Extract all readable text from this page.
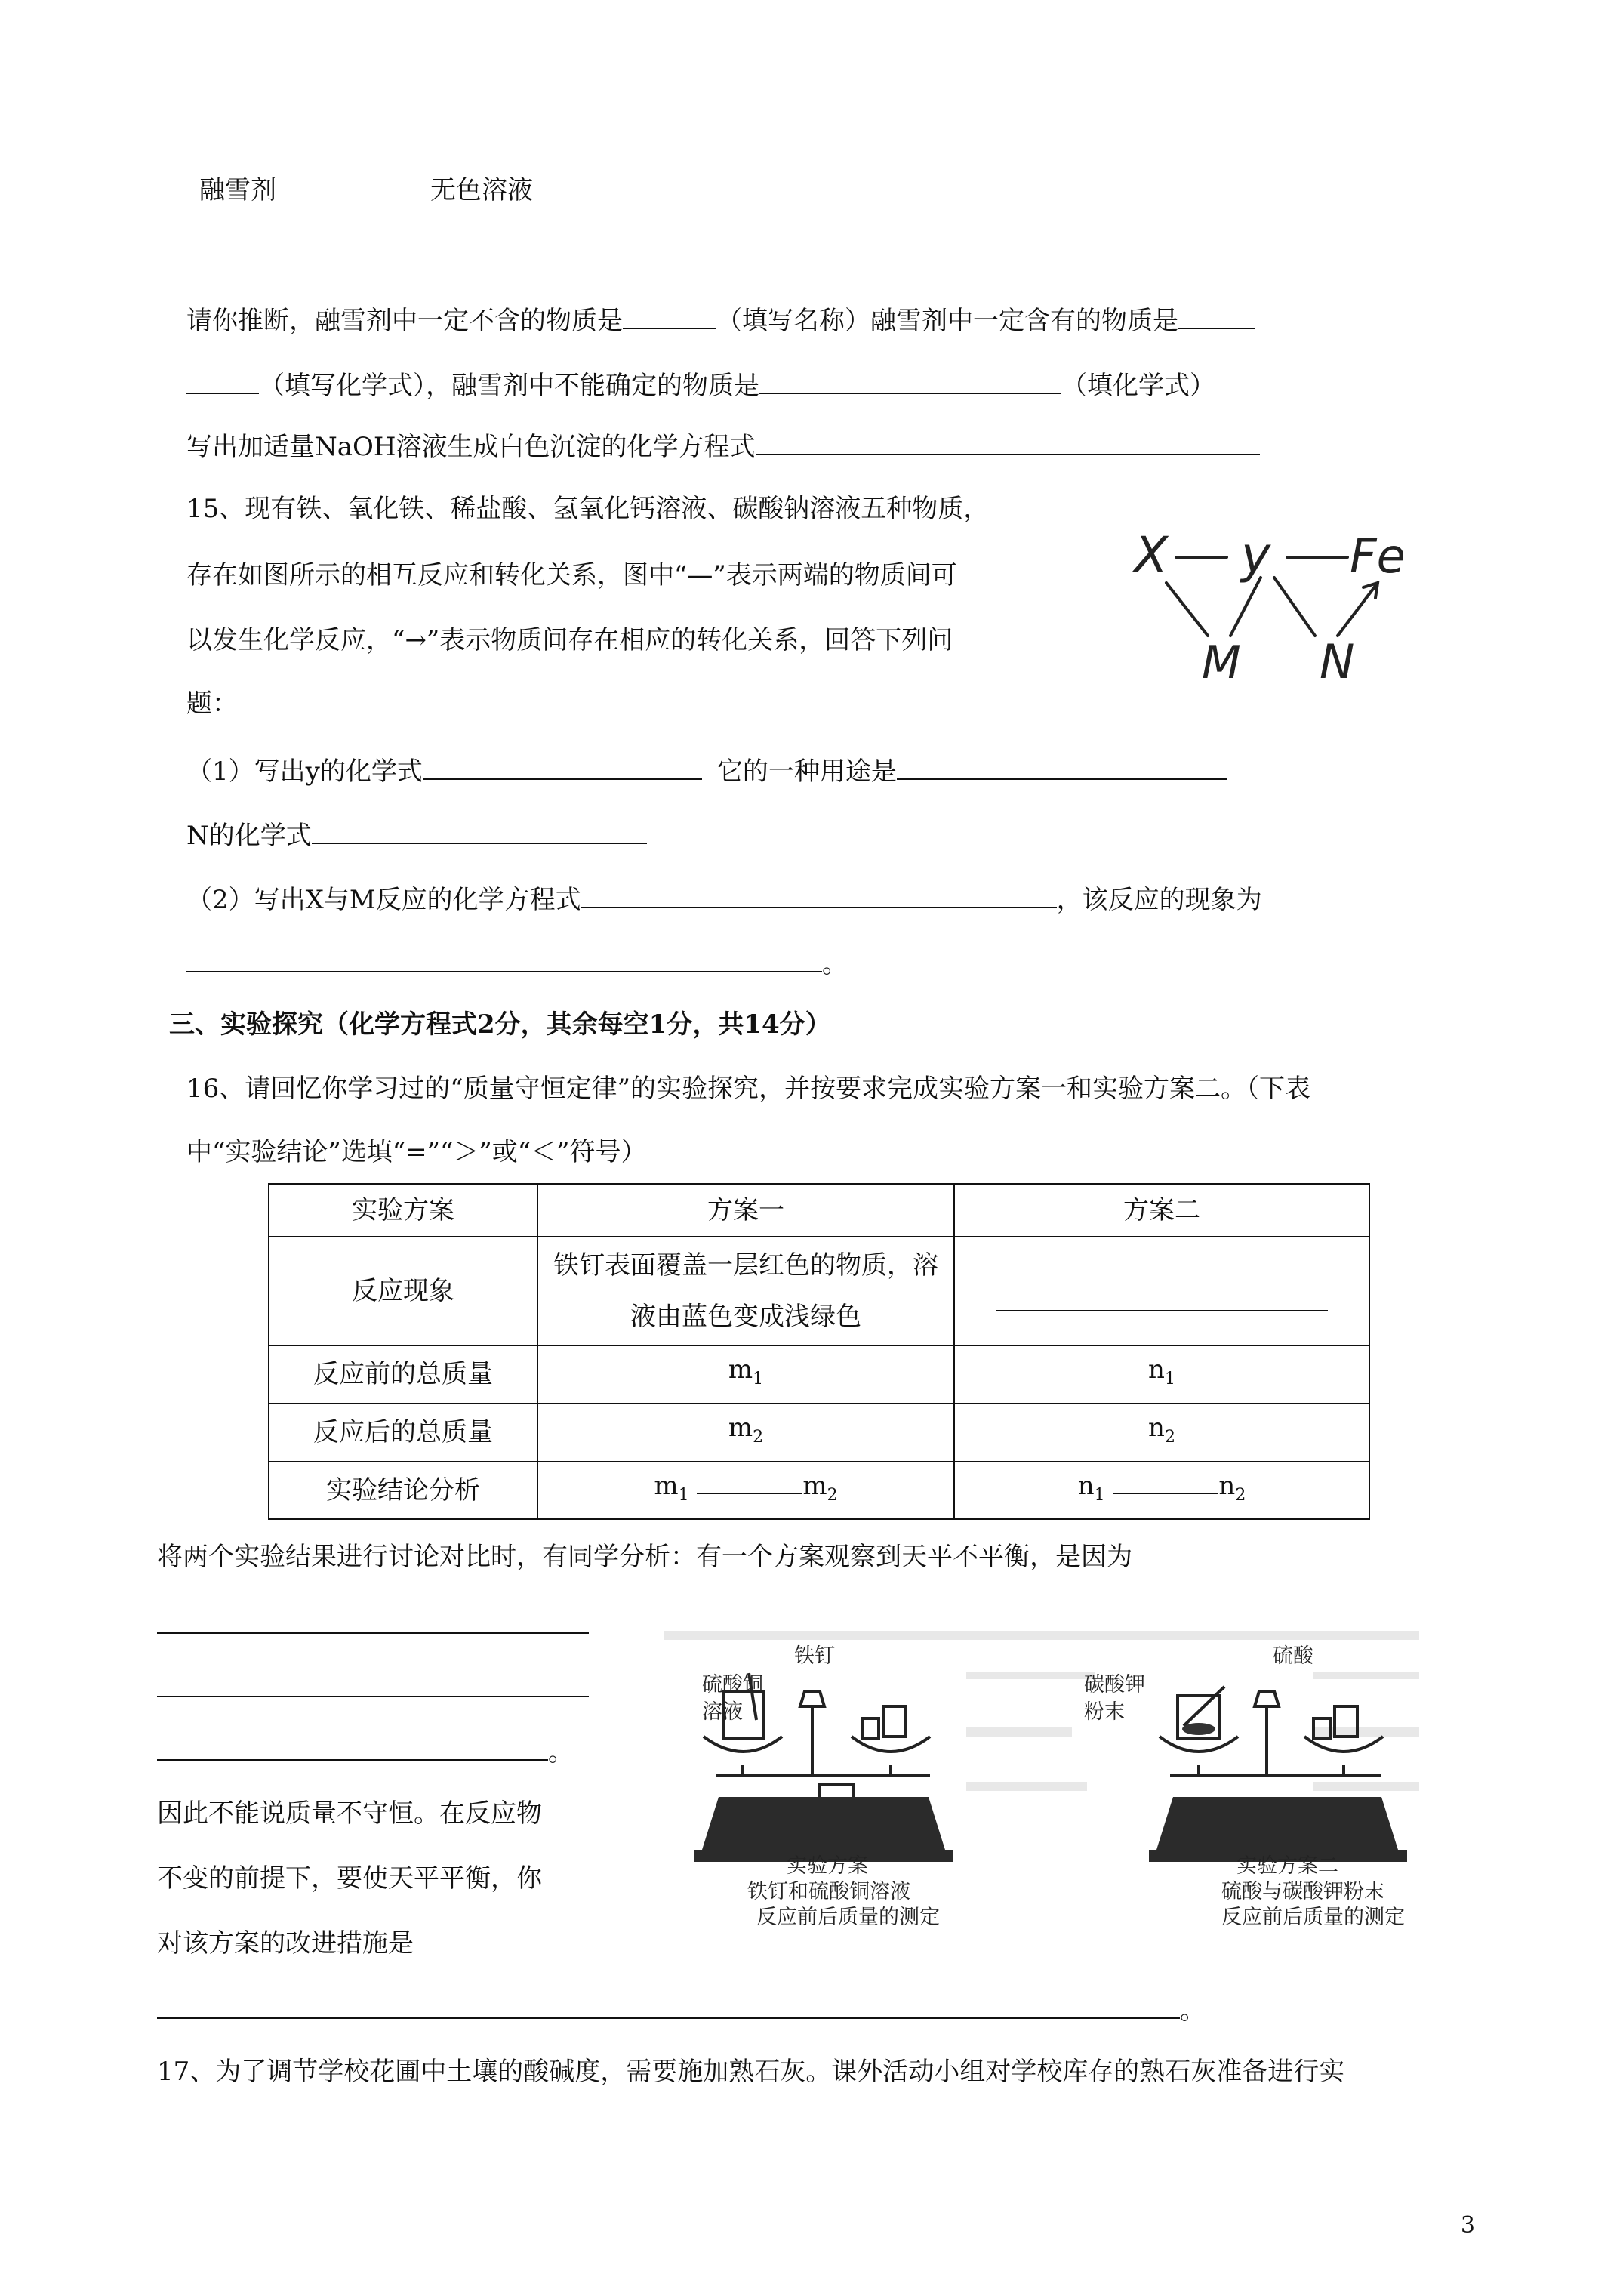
融雪剂	无色溶液
请你推断，融雪剂中一定不含的物质是	（填写名称）融雪剂中一定含有的物质是
（填写化学式），融雪剂中不能确定的物质是	（填化学式）
写出加适量NaOH溶液生成白色沉淀的化学方程式
15、现有铁、氧化铁、稀盐酸、氢氧化钙溶液、碳酸钠溶液五种物质，
存在如图所示的相互反应和转化关系，图中“—”表示两端的物质间可
以发生化学反应，“→”表示物质间存在相应的转化关系，回答下列问
题：
X y Fe
M N
（1）写出y的化学式	它的一种用途是
N的化学式
（2）写出X与M反应的化学方程式	，该反应的现象为
。
三、实验探究（化学方程式2分，其余每空1分，共14分）
16、请回忆你学习过的“质量守恒定律”的实验探究，并按要求完成实验方案一和实验方案二。（下表
中“实验结论”选填“=”“＞”或“＜”符号）
实验方案	方案一	方案二
反应现象	铁钉表面覆盖一层红色的物质，溶
液由蓝色变成浅绿色	

反应前的总质量	$m_1$	$n_1$
反应后的总质量	$m_2$	$n_2$
实验结论分析	$m_1$ $m_2$	$n_1$ $n_2$
将两个实验结果进行讨论对比时，有同学分析：有一个方案观察到天平不平衡，是因为
。
因此不能说质量不守恒。在反应物
不变的前提下，要使天平平衡，你
对该方案的改进措施是
。
铁钉
硫酸铜
溶液
实验方案
铁钉和硫酸铜溶液
反应前后质量的测定
硫酸
碳酸钾
粉末
实验方案二
硫酸与碳酸钾粉末
反应前后质量的测定
17、为了调节学校花圃中土壤的酸碱度，需要施加熟石灰。课外活动小组对学校库存的熟石灰准备进行实
3
